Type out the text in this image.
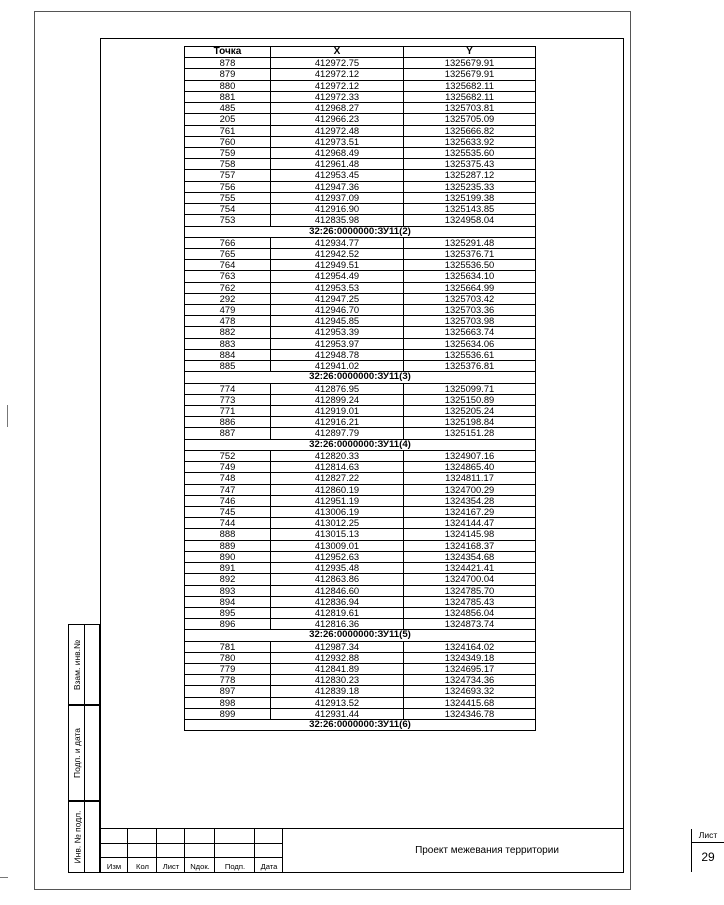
Точка	X	Y
878	412972.75	1325679.91
879	412972.12	1325679.91
880	412972.12	1325682.11
881	412972.33	1325682.11
485	412968.27	1325703.81
205	412966.23	1325705.09
761	412972.48	1325666.82
760	412973.51	1325633.92
759	412968.49	1325535.60
758	412961.48	1325375.43
757	412953.45	1325287.12
756	412947.36	1325235.33
755	412937.09	1325199.38
754	412916.90	1325143.85
753	412835.98	1324958.04
32:26:0000000:ЗУ11(2)		
766	412934.77	1325291.48
765	412942.52	1325376.71
764	412949.51	1325536.50
763	412954.49	1325634.10
762	412953.53	1325664.99
292	412947.25	1325703.42
479	412946.70	1325703.36
478	412945.85	1325703.98
882	412953.39	1325663.74
883	412953.97	1325634.06
884	412948.78	1325536.61
885	412941.02	1325376.81
32:26:0000000:ЗУ11(3)		
774	412876.95	1325099.71
773	412899.24	1325150.89
771	412919.01	1325205.24
886	412916.21	1325198.84
887	412897.79	1325151.28
32:26:0000000:ЗУ11(4)		
752	412820.33	1324907.16
749	412814.63	1324865.40
748	412827.22	1324811.17
747	412860.19	1324700.29
746	412951.19	1324354.28
745	413006.19	1324167.29
744	413012.25	1324144.47
888	413015.13	1324145.98
889	413009.01	1324168.37
890	412952.63	1324354.68
891	412935.48	1324421.41
892	412863.86	1324700.04
893	412846.60	1324785.70
894	412836.94	1324785.43
895	412819.61	1324856.04
896	412816.36	1324873.74
32:26:0000000:ЗУ11(5)		
781	412987.34	1324164.02
780	412932.88	1324349.18
779	412841.89	1324695.17
778	412830.23	1324734.36
897	412839.18	1324693.32
898	412913.52	1324415.68
899	412931.44	1324346.78
32:26:0000000:ЗУ11(6)		
Взам. инв.№
Подп. и дата
Инв. № подл.
Изм	Кол	Лист	Nдок.	Подп.	Дата
Проект межевания территории
Лист
29
